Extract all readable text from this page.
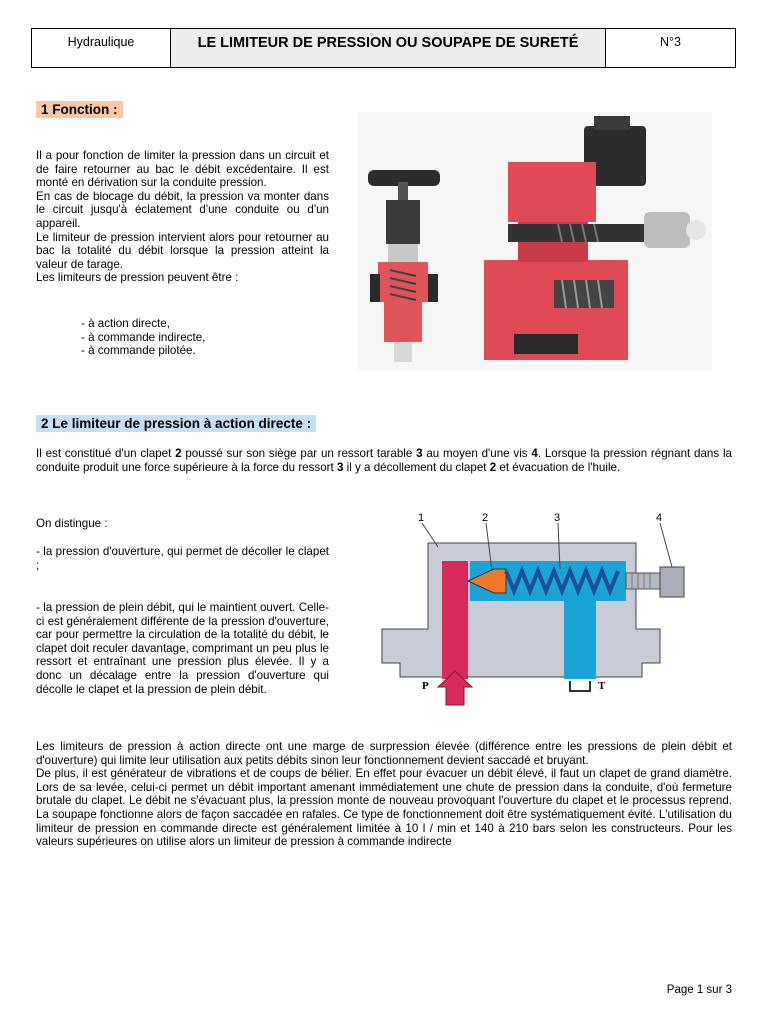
Hydraulique	LE LIMITEUR DE PRESSION OU SOUPAPE DE SURETÉ	N°3
1 Fonction :

Il a pour fonction de limiter la pression dans un circuit et de faire retourner au bac le débit excédentaire. Il est monté en dérivation sur la conduite pression.

En cas de blocage du débit, la pression va monter dans le circuit jusqu'à éclatement d'une conduite ou d'un appareil.

Le limiteur de pression intervient alors pour retourner au bac la totalité du débit lorsque la pression atteint la valeur de tarage.

Les limiteurs de pression peuvent être :

- à action directe,
- à commande indirecte,
- à commande pilotée.
2 Le limiteur de pression à action directe :
Il est constitué d'un clapet 2 poussé sur son siège par un ressort tarable 3 au moyen d'une vis 4. Lorsque la pression régnant dans la conduite produit une force supérieure à la force du ressort 3 il y a décollement du clapet 2 et évacuation de l'huile.
On distingue :
- la pression d'ouverture, qui permet de décoller le clapet ;
- la pression de plein débit, qui le maintient ouvert. Celle-ci est généralement différente de la pression d'ouverture, car pour permettre la circulation de la totalité du débit, le clapet doit reculer davantage, comprimant un peu plus le ressort et entraînant une pression plus élevée. Il y a donc un décalage entre la pression d'ouverture qui décolle le clapet et la pression de plein débit.
1	2	3	4
P	T

Les limiteurs de pression à action directe ont une marge de surpression élevée (différence entre les pressions de plein débit et d'ouverture) qui limite leur utilisation aux petits débits sinon leur fonctionnement devient saccadé et bruyant.

De plus, il est générateur de vibrations et de coups de bélier. En effet pour évacuer un débit élevé, il faut un clapet de grand diamètre. Lors de sa levée, celui-ci permet un débit important amenant immédiatement une chute de pression dans la conduite, d'où fermeture brutale du clapet. Le débit ne s'évacuant plus, la pression monte de nouveau provoquant l'ouverture du clapet et le processus reprend. La soupape fonctionne alors de façon saccadée en rafales. Ce type de fonctionnement doit être systématiquement évité. L'utilisation du limiteur de pression en commande directe est généralement limitée à 10 l / min et 140 à 210 bars selon les constructeurs. Pour les valeurs supérieures on utilise alors un limiteur de pression à commande indirecte

Page 1 sur 3
